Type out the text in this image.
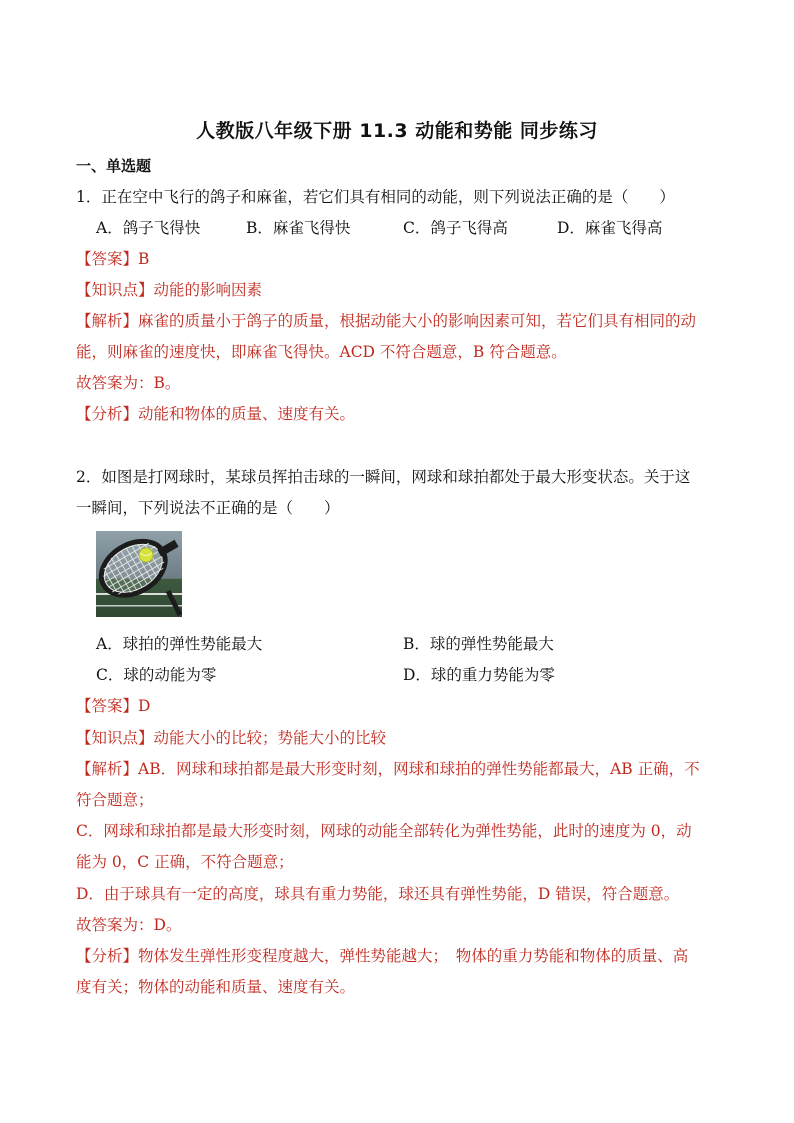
人教版八年级下册 11.3 动能和势能 同步练习
一、单选题
1．正在空中飞行的鸽子和麻雀，若它们具有相同的动能，则下列说法正确的是（　　）
A．鸽子飞得快	B．麻雀飞得快	C．鸽子飞得高	D．麻雀飞得高
【答案】B
【知识点】动能的影响因素
【解析】麻雀的质量小于鸽子的质量，根据动能大小的影响因素可知，若它们具有相同的动
能，则麻雀的速度快，即麻雀飞得快。ACD 不符合题意，B 符合题意。
故答案为：B。
【分析】动能和物体的质量、速度有关。
2．如图是打网球时，某球员挥拍击球的一瞬间，网球和球拍都处于最大形变状态。关于这
一瞬间，下列说法不正确的是（　　）
A．球拍的弹性势能最大	B．球的弹性势能最大
C．球的动能为零	D．球的重力势能为零
【答案】D
【知识点】动能大小的比较；势能大小的比较
【解析】AB．网球和球拍都是最大形变时刻，网球和球拍的弹性势能都最大，AB 正确，不
符合题意；
C．网球和球拍都是最大形变时刻，网球的动能全部转化为弹性势能，此时的速度为 0，动
能为 0，C 正确，不符合题意；
D．由于球具有一定的高度，球具有重力势能，球还具有弹性势能，D 错误，符合题意。
故答案为：D。
【分析】物体发生弹性形变程度越大，弹性势能越大；　物体的重力势能和物体的质量、高
度有关；物体的动能和质量、速度有关。
